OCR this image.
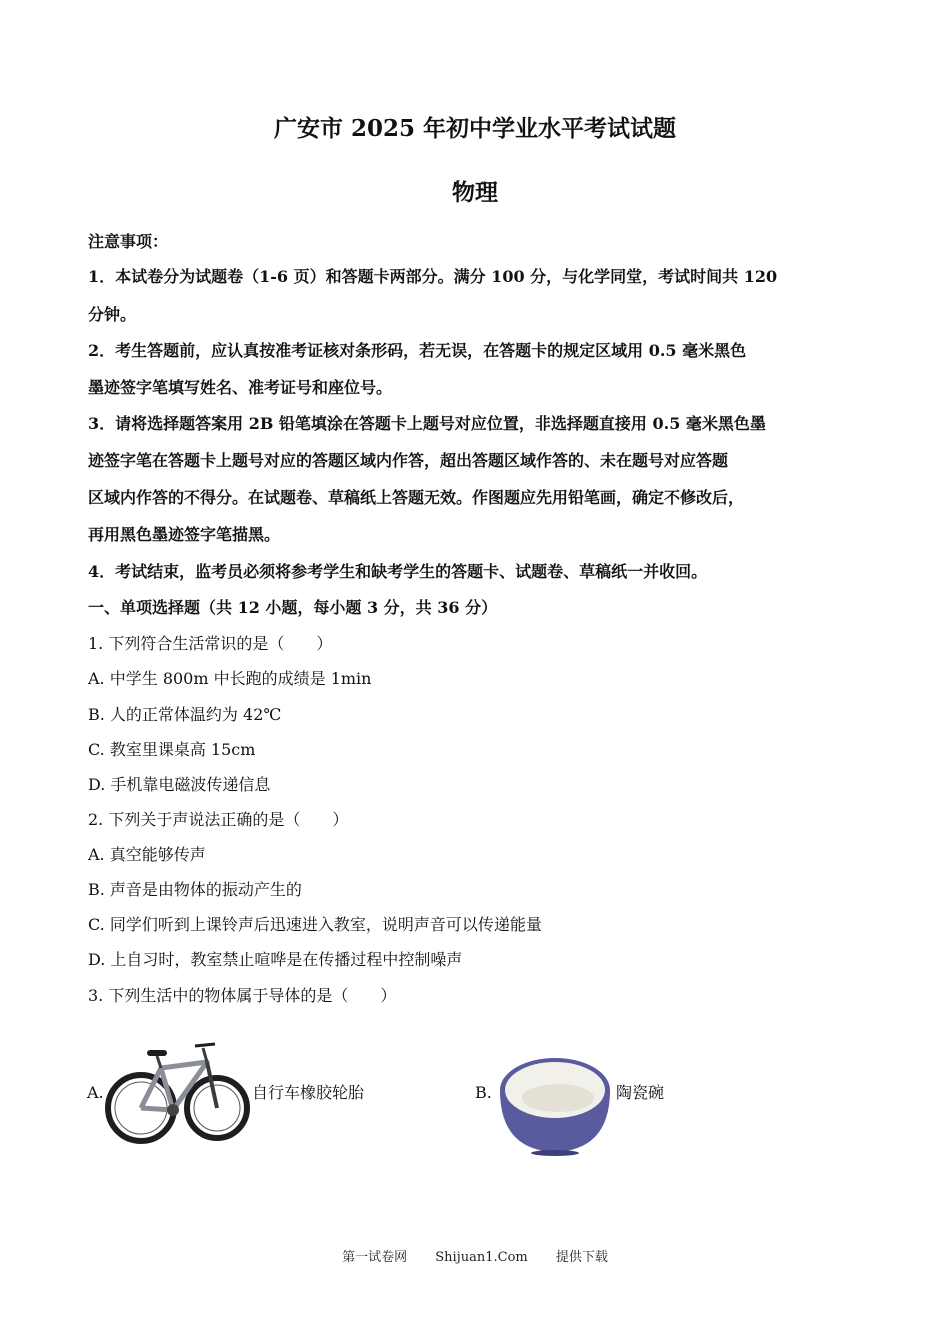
广安市 2025 年初中学业水平考试试题
物理
注意事项：
1．本试卷分为试题卷（1-6 页）和答题卡两部分。满分 100 分，与化学同堂，考试时间共 120
分钟。
2．考生答题前，应认真按准考证核对条形码，若无误，在答题卡的规定区域用 0.5 毫米黑色
墨迹签字笔填写姓名、准考证号和座位号。
3．请将选择题答案用 2B 铅笔填涂在答题卡上题号对应位置，非选择题直接用 0.5 毫米黑色墨
迹签字笔在答题卡上题号对应的答题区域内作答，超出答题区域作答的、未在题号对应答题
区域内作答的不得分。在试题卷、草稿纸上答题无效。作图题应先用铅笔画，确定不修改后，
再用黑色墨迹签字笔描黑。
4．考试结束，监考员必须将参考学生和缺考学生的答题卡、试题卷、草稿纸一并收回。
一、单项选择题（共 12 小题，每小题 3 分，共 36 分）
1. 下列符合生活常识的是（　　）
A. 中学生 800m 中长跑的成绩是 1min
B. 人的正常体温约为 42℃
C. 教室里课桌高 15cm
D. 手机靠电磁波传递信息
2. 下列关于声说法正确的是（　　）
A. 真空能够传声
B. 声音是由物体的振动产生的
C. 同学们听到上课铃声后迅速进入教室，说明声音可以传递能量
D. 上自习时，教室禁止喧哗是在传播过程中控制噪声
3. 下列生活中的物体属于导体的是（　　）
A.	自行车橡胶轮胎	B.	陶瓷碗
第一试卷网 Shijuan1.Com 提供下载
